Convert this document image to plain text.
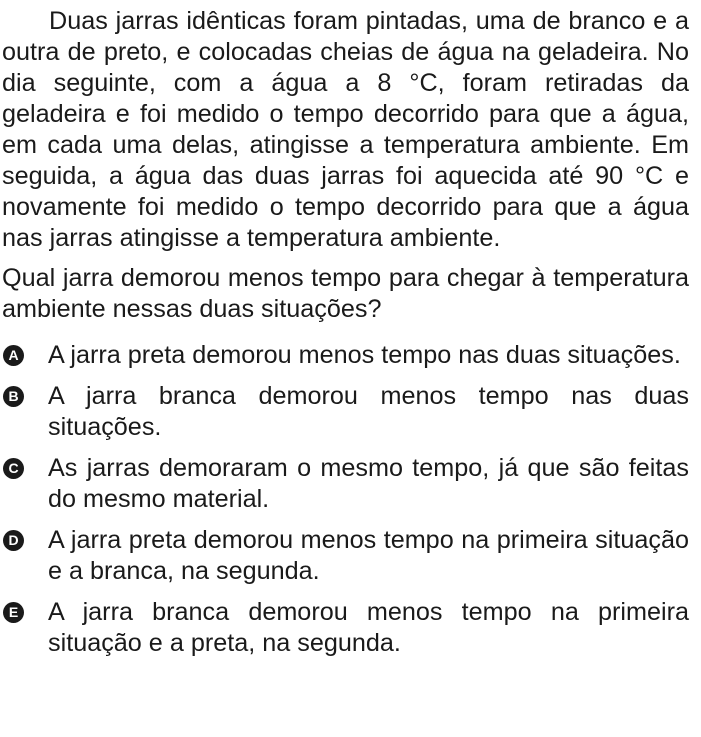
Duas jarras idênticas foram pintadas, uma de branco e a outra de preto, e colocadas cheias de água na geladeira. No dia seguinte, com a água a 8 °C, foram retiradas da geladeira e foi medido o tempo decorrido para que a água, em cada uma delas, atingisse a temperatura ambiente. Em seguida, a água das duas jarras foi aquecida até 90 °C e novamente foi medido o tempo decorrido para que a água nas jarras atingisse a temperatura ambiente.

Qual jarra demorou menos tempo para chegar à temperatura ambiente nessas duas situações?

A A jarra preta demorou menos tempo nas duas situações.
B A jarra branca demorou menos tempo nas duas situações.
C As jarras demoraram o mesmo tempo, já que são feitas do mesmo material.
D A jarra preta demorou menos tempo na primeira situação e a branca, na segunda.
E A jarra branca demorou menos tempo na primeira situação e a preta, na segunda.
